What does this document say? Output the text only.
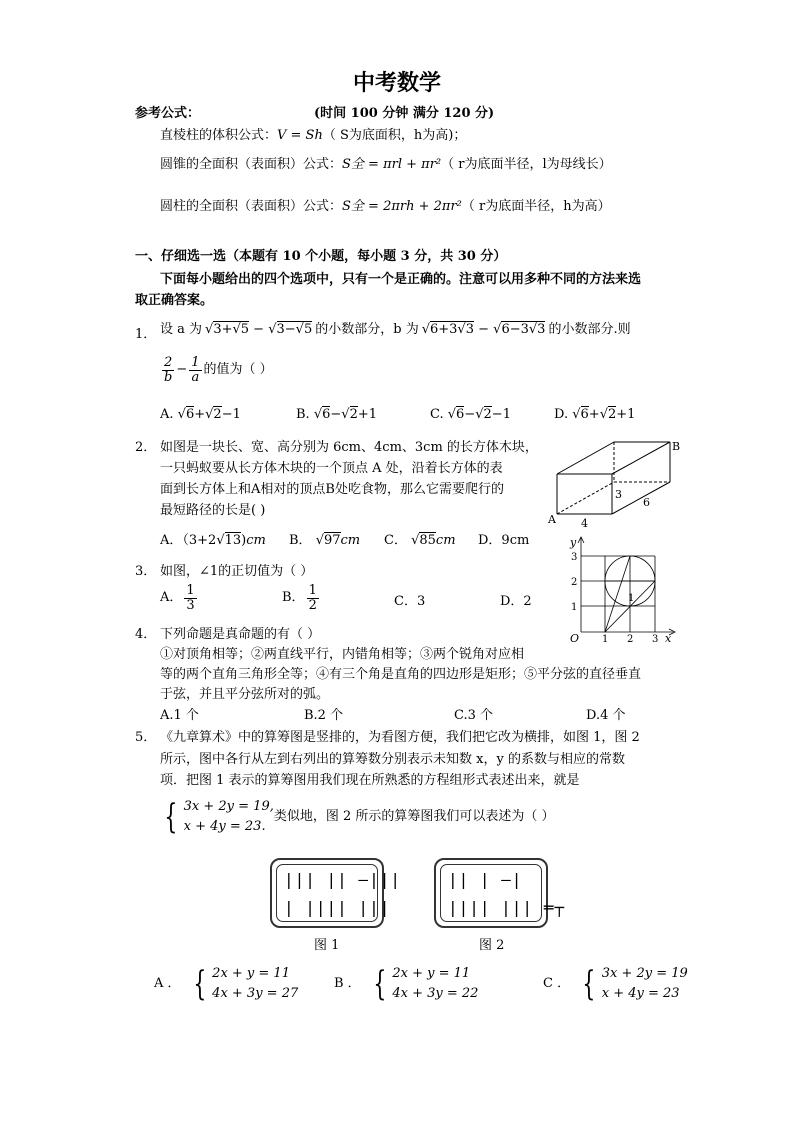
中考数学
参考公式：	(时间 100 分钟 满分 120 分)
直棱柱的体积公式：V = Sh（ S为底面积，h为高)；
圆锥的全面积（表面积）公式：S全 = πrl + πr²（ r为底面半径，l为母线长）
圆柱的全面积（表面积）公式：S全 = 2πrh + 2πr²（ r为底面半径，h为高）
一、仔细选一选（本题有 10 个小题，每小题 3 分，共 30 分）
下面每小题给出的四个选项中，只有一个是正确的。注意可以用多种不同的方法来选
取正确答案。
1． 设 a 为 √3+√5 − √3−√5 的小数部分，b 为 √6+3√3 − √6−3√3 的小数部分.则
$\frac{2}{b} - \frac{1}{a}$ 的值为（ ）
A. √6+√2−1	B. √6−√2+1	C. √6−√2−1	D. √6+√2+1
2． 如图是一块长、宽、高分别为 6cm、4cm、3cm 的长方体木块，
一只蚂蚁要从长方体木块的一个顶点 A 处，沿着长方体的表
面到长方体上和A相对的顶点B处吃食物，那么它需要爬行的
最短路径的长是( )
A．（3+2√13)cm B． √97cm C． √85cm D．9cm
B
A
3
6
4
3． 如图，∠1的正切值为（ ）
A． $\frac{1}{3}$	B． $\frac{1}{2}$	C．3	D．2
y
x
O 1 2 3
1
2
3
1
4． 下列命题是真命题的有（ ）
①对顶角相等；②两直线平行，内错角相等；③两个锐角对应相
等的两个直角三角形全等；④有三个角是直角的四边形是矩形；⑤平分弦的直径垂直
于弦，并且平分弦所对的弧。
A.1 个	B.2 个	C.3 个	D.4 个
5． 《九章算术》中的算筹图是竖排的，为看图方便，我们把它改为横排，如图 1，图 2
所示，图中各行从左到右列出的算筹数分别表示未知数 x，y 的系数与相应的常数
项．把图 1 表示的算筹图用我们现在所熟悉的方程组形式表述出来，就是
{ 3x + 2y = 19,
x + 4y = 23.
类似地，图 2 所示的算筹图我们可以表述为（ ）
||| || —|||
| |||| |||
|| | —|
|||| ||| ═┬
图 1	图 2
A ． { 2x + y = 11
4x + 3y = 27
B ． { 2x + y = 11
4x + 3y = 22
C ． { 3x + 2y = 19
x + 4y = 23
